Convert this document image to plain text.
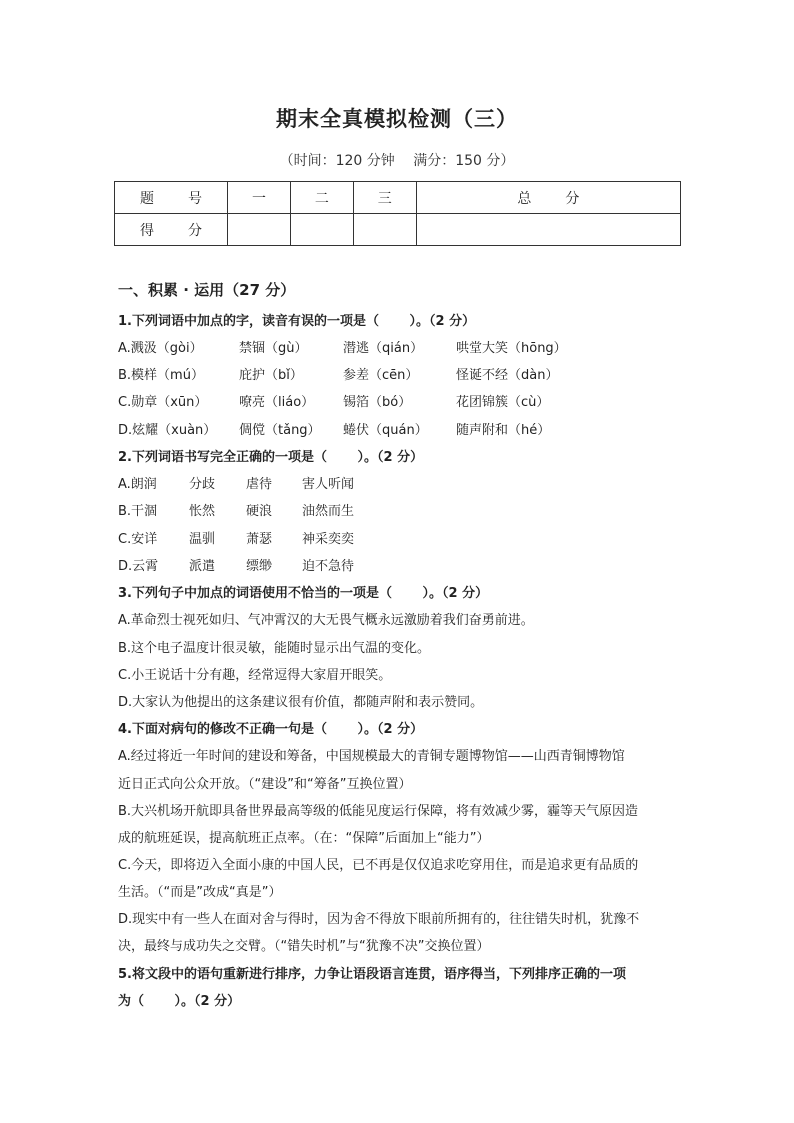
期末全真模拟检测（三）
（时间：120 分钟　 满分：150 分）
题 号	一	二	三	总 分
得 分				
一、积累 · 运用（27 分）
1.下列词语中加点的字，读音有误的一项是（　　 ）。（2 分）
A.溅汲（gòi）	禁锢（gù）	潜逃（qián）	哄堂大笑（hōng）
B.模样（mú）	庇护（bǐ）	参差（cēn）	怪诞不经（dàn）
C.勋章（xūn） 嘹亮（liáo） 锡箔（bó）	花团锦簇（cù）
D.炫耀（xuàn） 倜傥（tǎng） 蜷伏（quán） 随声附和（hé）
2.下列词语书写完全正确的一项是（　　 ）。（2 分）
A.朗润 分歧 虐待 害人听闻
B.干涸 怅然 硬浪 油然而生
C.安详 温驯 萧瑟 神采奕奕
D.云霄 派遣 缥缈 迫不急待
3.下列句子中加点的词语使用不恰当的一项是（　　 ）。（2 分）
A.革命烈士视死如归、气冲霄汉的大无畏气概永远激励着我们奋勇前进。
B.这个电子温度计很灵敏，能随时显示出气温的变化。
C.小王说话十分有趣，经常逗得大家眉开眼笑。
D.大家认为他提出的这条建议很有价值，都随声附和表示赞同。
4.下面对病句的修改不正确一句是（　　 ）。（2 分）
A.经过将近一年时间的建设和筹备，中国规模最大的青铜专题博物馆——山西青铜博物馆
近日正式向公众开放。（“建设”和“筹备”互换位置）
B.大兴机场开航即具备世界最高等级的低能见度运行保障，将有效减少雾，霾等天气原因造
成的航班延误，提高航班正点率。（在：“保障”后面加上“能力”）
C.今天，即将迈入全面小康的中国人民，已不再是仅仅追求吃穿用住，而是追求更有品质的
生活。（“而是”改成“真是”）
D.现实中有一些人在面对舍与得时，因为舍不得放下眼前所拥有的，往往错失时机，犹豫不
决，最终与成功失之交臂。（“错失时机”与“犹豫不决”交换位置）
5.将文段中的语句重新进行排序，力争让语段语言连贯，语序得当，下列排序正确的一项
为（　　 ）。（2 分）
